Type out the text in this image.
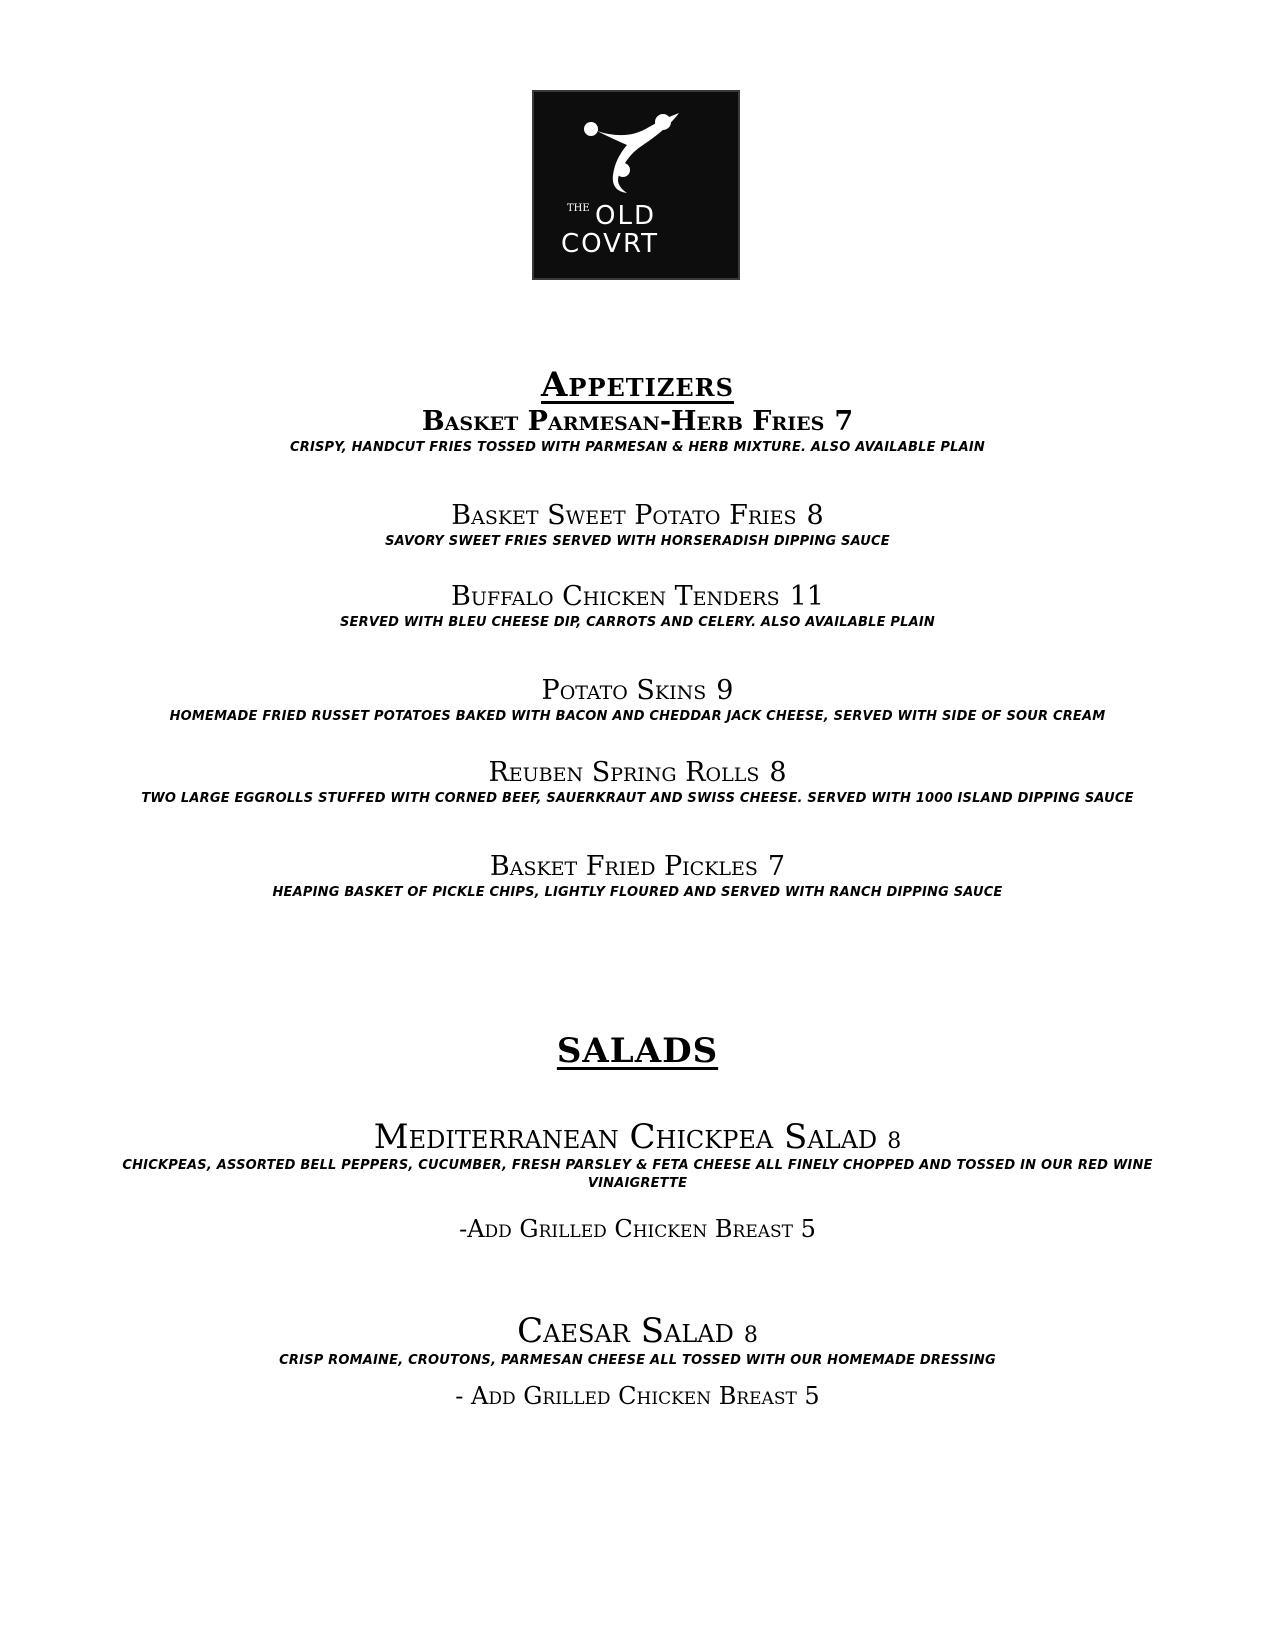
THE OLD
COVRT
Appetizers
Basket Parmesan-Herb Fries 7
CRISPY, HANDCUT FRIES TOSSED WITH PARMESAN & HERB MIXTURE. ALSO AVAILABLE PLAIN
Basket Sweet Potato Fries 8
SAVORY SWEET FRIES SERVED WITH HORSERADISH DIPPING SAUCE
Buffalo Chicken Tenders 11
SERVED WITH BLEU CHEESE DIP, CARROTS AND CELERY. ALSO AVAILABLE PLAIN
Potato Skins 9
HOMEMADE FRIED RUSSET POTATOES BAKED WITH BACON AND CHEDDAR JACK CHEESE, SERVED WITH SIDE OF SOUR CREAM
Reuben Spring Rolls 8
TWO LARGE EGGROLLS STUFFED WITH CORNED BEEF, SAUERKRAUT AND SWISS CHEESE. SERVED WITH 1000 ISLAND DIPPING SAUCE
Basket Fried Pickles 7
HEAPING BASKET OF PICKLE CHIPS, LIGHTLY FLOURED AND SERVED WITH RANCH DIPPING SAUCE
SALADS
Mediterranean Chickpea Salad 8
CHICKPEAS, ASSORTED BELL PEPPERS, CUCUMBER, FRESH PARSLEY & FETA CHEESE ALL FINELY CHOPPED AND TOSSED IN OUR RED WINE VINAIGRETTE
-Add Grilled Chicken Breast 5
Caesar Salad 8
CRISP ROMAINE, CROUTONS, PARMESAN CHEESE ALL TOSSED WITH OUR HOMEMADE DRESSING
- Add Grilled Chicken Breast 5
